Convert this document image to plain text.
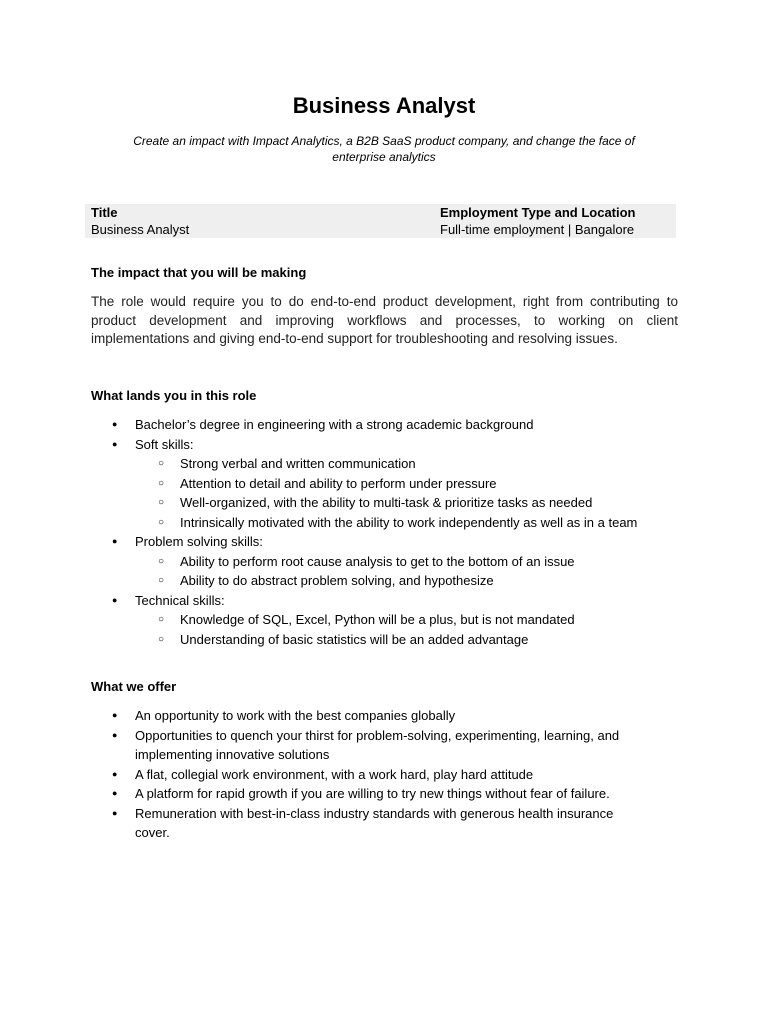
Business Analyst
Create an impact with Impact Analytics, a B2B SaaS product company, and change the face of enterprise analytics
Title
Business Analyst
Employment Type and Location
Full-time employment | Bangalore
The impact that you will be making
The role would require you to do end-to-end product development, right from contributing to product development and improving workflows and processes, to working on client implementations and giving end-to-end support for troubleshooting and resolving issues.
What lands you in this role
● Bachelor’s degree in engineering with a strong academic background
● Soft skills:
○ Strong verbal and written communication
○ Attention to detail and ability to perform under pressure
○ Well-organized, with the ability to multi-task & prioritize tasks as needed
○ Intrinsically motivated with the ability to work independently as well as in a team
● Problem solving skills:
○ Ability to perform root cause analysis to get to the bottom of an issue
○ Ability to do abstract problem solving, and hypothesize
● Technical skills:
○ Knowledge of SQL, Excel, Python will be a plus, but is not mandated
○ Understanding of basic statistics will be an added advantage
What we offer
● An opportunity to work with the best companies globally
● Opportunities to quench your thirst for problem-solving, experimenting, learning, and implementing innovative solutions
● A flat, collegial work environment, with a work hard, play hard attitude
● A platform for rapid growth if you are willing to try new things without fear of failure.
● Remuneration with best-in-class industry standards with generous health insurance cover.
